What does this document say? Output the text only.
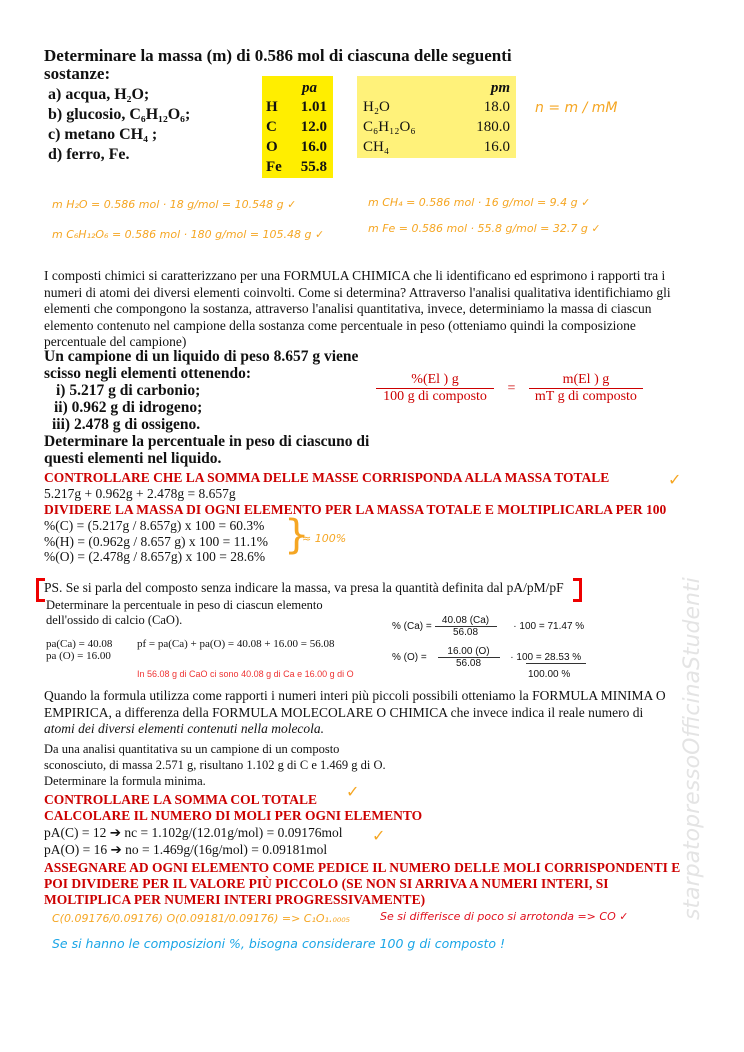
Determinare la massa (m) di 0.586 mol di ciascuna delle seguenti
sostanze:
a) acqua, H₂O;
b) glucosio, C₆H₁₂O₆;
c) metano CH₄ ;
d) ferro, Fe.
pa
H 1.01
C 12.0
O 16.0
Fe 55.8
pm
H₂O	18.0
C₆H₁₂O₆	180.0
CH₄	16.0
n = m / mM
m H₂O = 0.586 mol · 18 g/mol = 10.548 g ✓
m C₆H₁₂O₆ = 0.586 mol · 180 g/mol = 105.48 g ✓
m CH₄ = 0.586 mol · 16 g/mol = 9.4 g ✓
m Fe = 0.586 mol · 55.8 g/mol = 32.7 g ✓
I composti chimici si caratterizzano per una FORMULA CHIMICA che li identificano ed esprimono i rapporti tra i
numeri di atomi dei diversi elementi coinvolti. Come si determina? Attraverso l'analisi qualitativa identifichiamo gli
elementi che compongono la sostanza, attraverso l'analisi quantitativa, invece, determiniamo la massa di ciascun
elemento contenuto nel campione della sostanza come percentuale in peso (otteniamo quindi la composizione
percentuale del campione)
Un campione di un liquido di peso 8.657 g viene
scisso negli elementi ottenendo:
i) 5.217 g di carbonio;
ii) 0.962 g di idrogeno;
iii) 2.478 g di ossigeno.
Determinare la percentuale in peso di ciascuno di
questi elementi nel liquido.
$\frac{\%(El ) g}{\text{100 g di composto}} = \frac{m(El ) g}{\text{mT g di composto}}$
CONTROLLARE CHE LA SOMMA DELLE MASSE CORRISPONDA ALLA MASSA TOTALE	✓
5.217g + 0.962g + 2.478g = 8.657g
DIVIDERE LA MASSA DI OGNI ELEMENTO PER LA MASSA TOTALE E MOLTIPLICARLA PER 100
%(C) = (5.217g / 8.657g) x 100 = 60.3%
%(H) = (0.962g / 8.657 g) x 100 = 11.1%
%(O) = (2.478g / 8.657g) x 100 = 28.6% }
≈ 100%
PS. Se si parla del composto senza indicare la massa, va presa la quantità definita dal pA/pM/pF
Determinare la percentuale in peso di ciascun elemento
dell'ossido di calcio (CaO).
pa(Ca) = 40.08
pa (O) = 16.00
pf = pa(Ca) + pa(O) = 40.08 + 16.00 = 56.08
In 56.08 g di CaO ci sono 40.08 g di Ca e 16.00 g di O
% $(Ca) = \frac{40.08 (Ca)}{56.08} \cdot 100 = 71.47$ %
% $(O) = \frac{16.00 (O)}{56.08} \cdot 100 = 28.53$ %
100.00 %
Quando la formula utilizza come rapporti i numeri interi più piccoli possibili otteniamo la FORMULA MINIMA O
EMPIRICA, a differenza della FORMULA MOLECOLARE O CHIMICA che invece indica il reale numero di
atomi dei diversi elementi contenuti nella molecola.
Da una analisi quantitativa su un campione di un composto
sconosciuto, di massa 2.571 g, risultano 1.102 g di C e 1.469 g di O.
Determinare la formula minima.
CONTROLLARE LA SOMMA COL TOTALE ✓
CALCOLARE IL NUMERO DI MOLI PER OGNI ELEMENTO
pA(C) = 12 ➔ nc = 1.102g/(12.01g/mol) = 0.09176mol ✓
pA(O) = 16 ➔ no = 1.469g/(16g/mol) = 0.09181mol
ASSEGNARE AD OGNI ELEMENTO COME PEDICE IL NUMERO DELLE MOLI CORRISPONDENTI E
POI DIVIDERE PER IL VALORE PIÙ PICCOLO (SE NON SI ARRIVA A NUMERI INTERI, SI
MOLTIPLICA PER NUMERI INTERI PROGRESSIVAMENTE)
C(0.09176/0.09176) O(0.09181/0.09176) => C₁O₁.₀₀₀₅	Se si differisce di poco si arrotonda => CO ✓
Se si hanno le composizioni %, bisogna considerare 100 g di composto !
starpatopressoOfficinaStudenti
